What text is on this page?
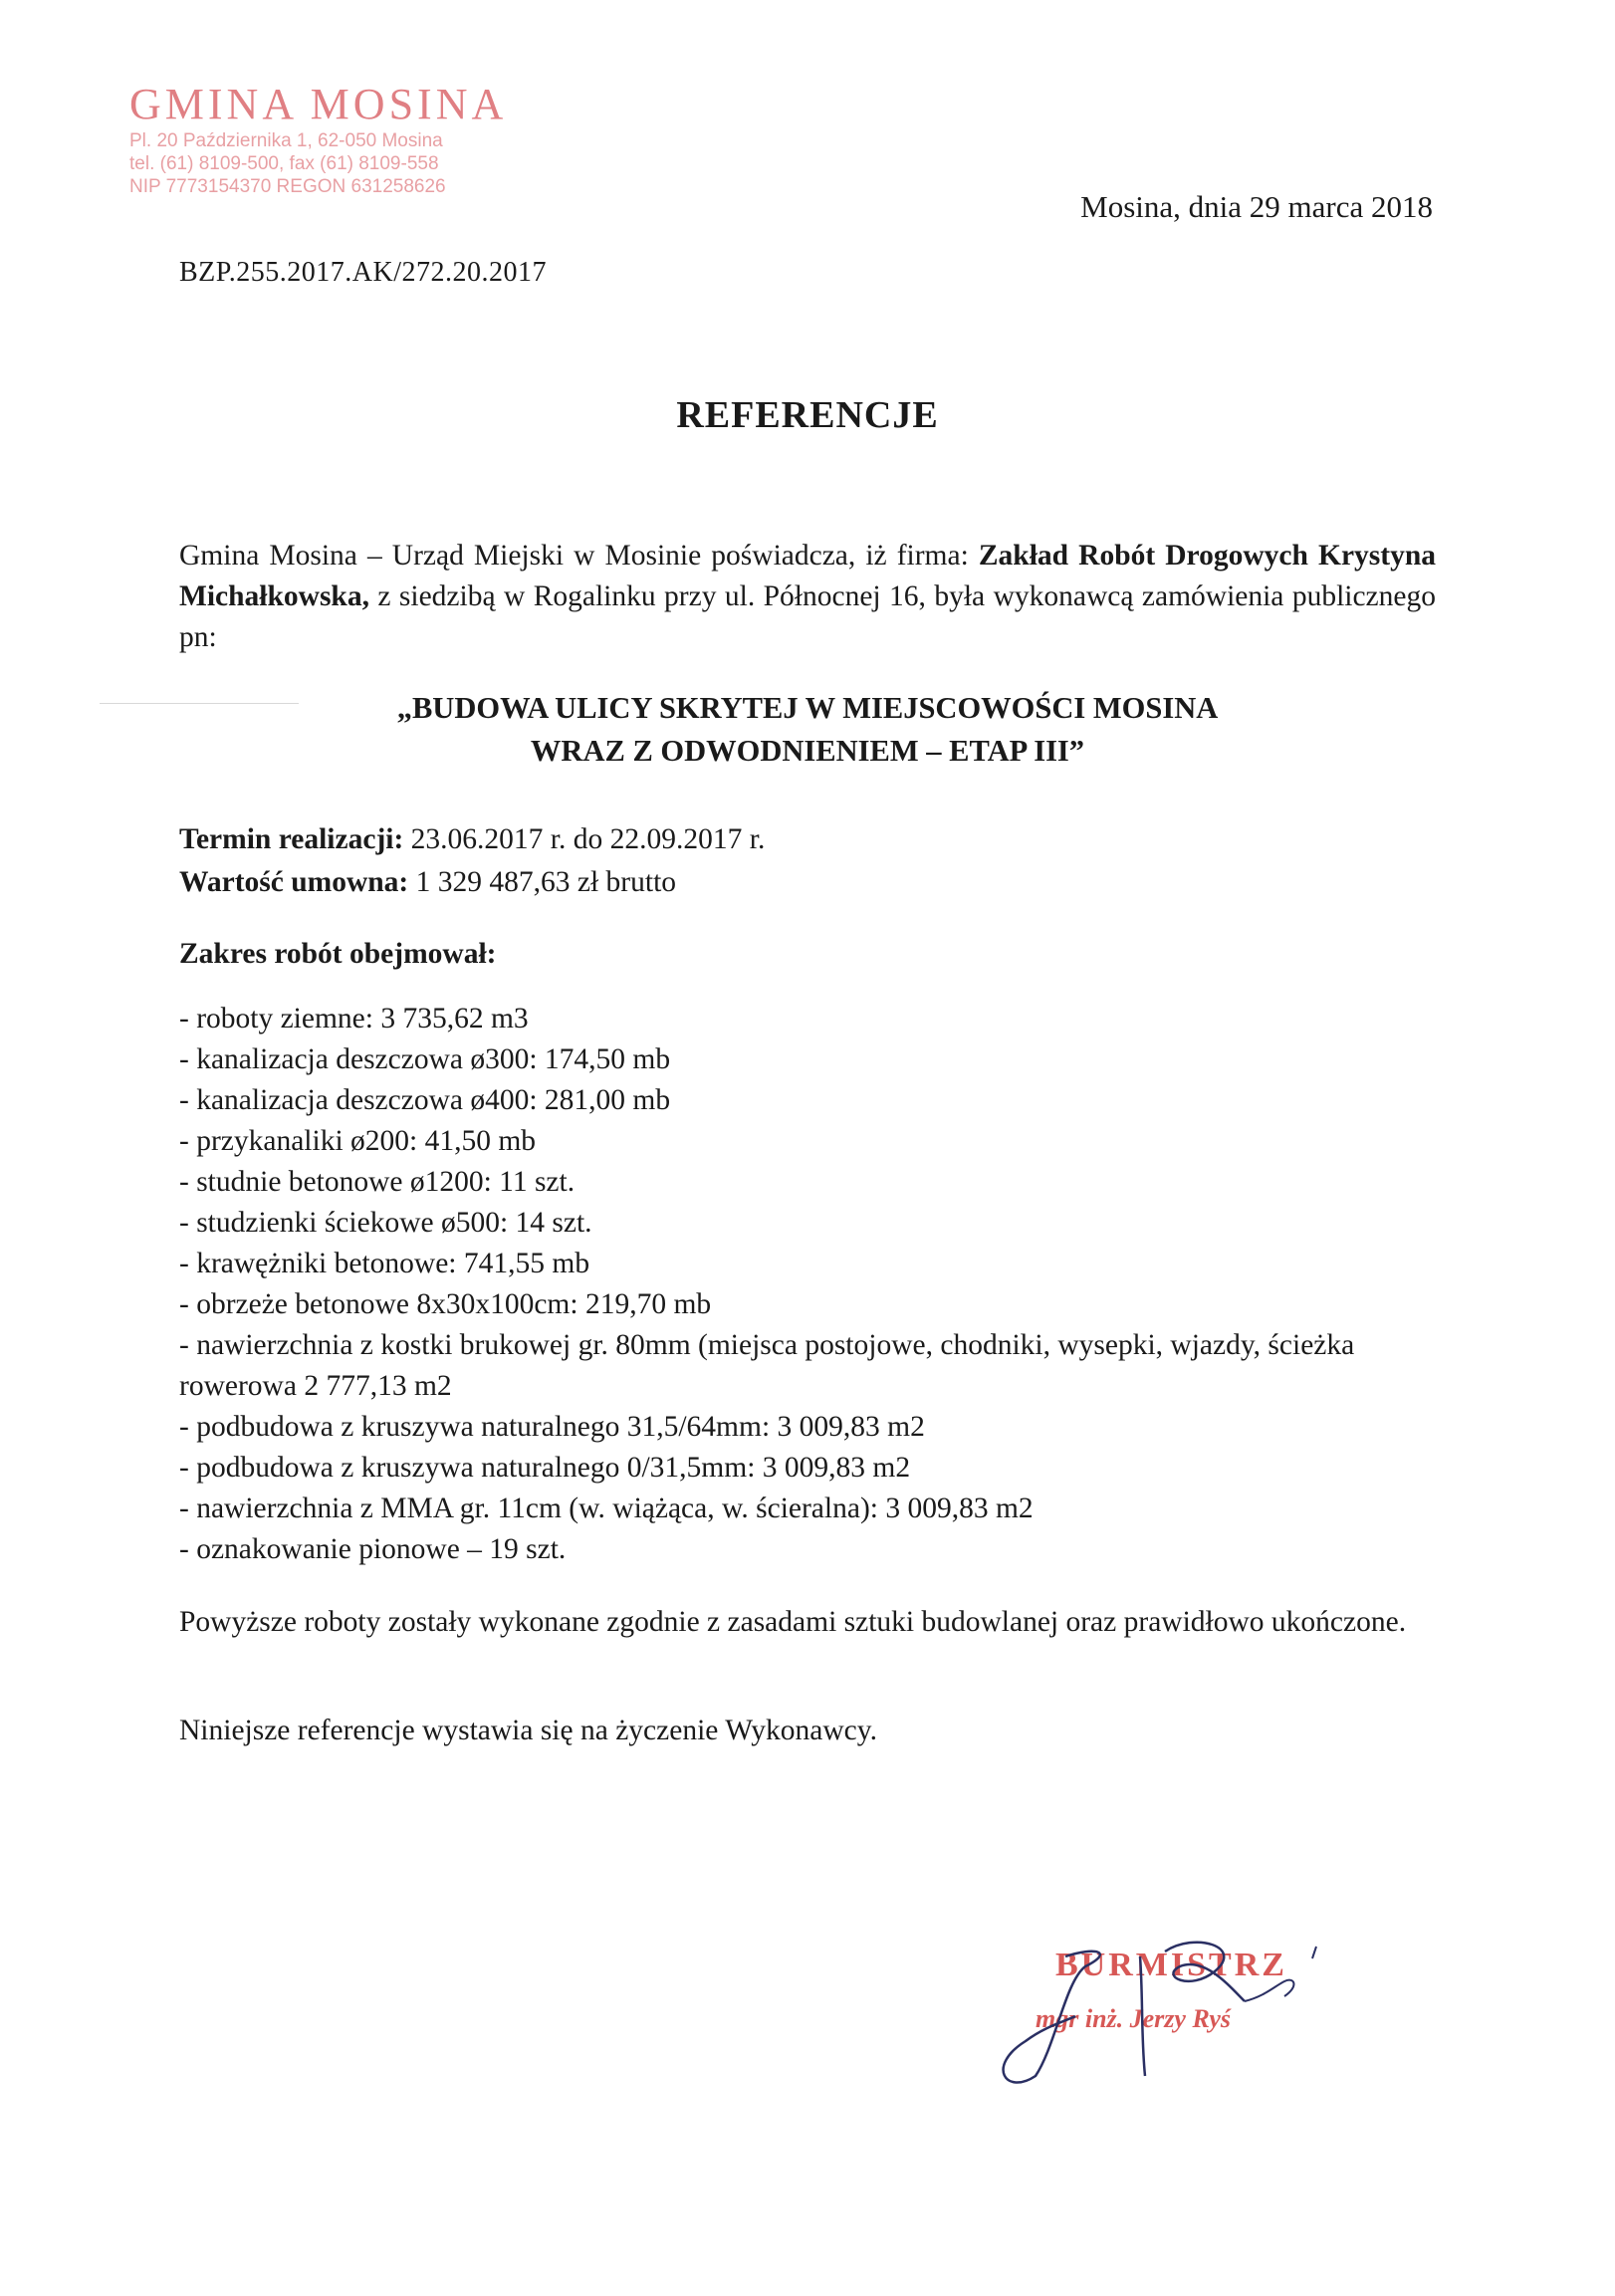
GMINA MOSINA
Pl. 20 Października 1, 62-050 Mosina
tel. (61) 8109-500, fax (61) 8109-558
NIP 7773154370 REGON 631258626
Mosina, dnia 29 marca 2018
BZP.255.2017.AK/272.20.2017
REFERENCJE
Gmina Mosina – Urząd Miejski w Mosinie poświadcza, iż firma: Zakład Robót Drogowych Krystyna Michałkowska, z siedzibą w Rogalinku przy ul. Północnej 16, była wykonawcą zamówienia publicznego pn:
„BUDOWA ULICY SKRYTEJ W MIEJSCOWOŚCI MOSINA
WRAZ Z ODWODNIENIEM – ETAP III”
Termin realizacji: 23.06.2017 r. do 22.09.2017 r.
Wartość umowna: 1 329 487,63 zł brutto
Zakres robót obejmował:
- roboty ziemne: 3 735,62 m3
- kanalizacja deszczowa ø300: 174,50 mb
- kanalizacja deszczowa ø400: 281,00 mb
- przykanaliki ø200: 41,50 mb
- studnie betonowe ø1200: 11 szt.
- studzienki ściekowe ø500: 14 szt.
- krawężniki betonowe: 741,55 mb
- obrzeże betonowe 8x30x100cm: 219,70 mb
- nawierzchnia z kostki brukowej gr. 80mm (miejsca postojowe, chodniki, wysepki, wjazdy, ścieżka rowerowa 2 777,13 m2
- podbudowa z kruszywa naturalnego 31,5/64mm: 3 009,83 m2
- podbudowa z kruszywa naturalnego 0/31,5mm: 3 009,83 m2
- nawierzchnia z MMA gr. 11cm (w. wiążąca, w. ścieralna): 3 009,83 m2
- oznakowanie pionowe – 19 szt.
Powyższe roboty zostały wykonane zgodnie z zasadami sztuki budowlanej oraz prawidłowo ukończone.
Niniejsze referencje wystawia się na życzenie Wykonawcy.
BURMISTRZ
mgr inż. Jerzy Ryś
